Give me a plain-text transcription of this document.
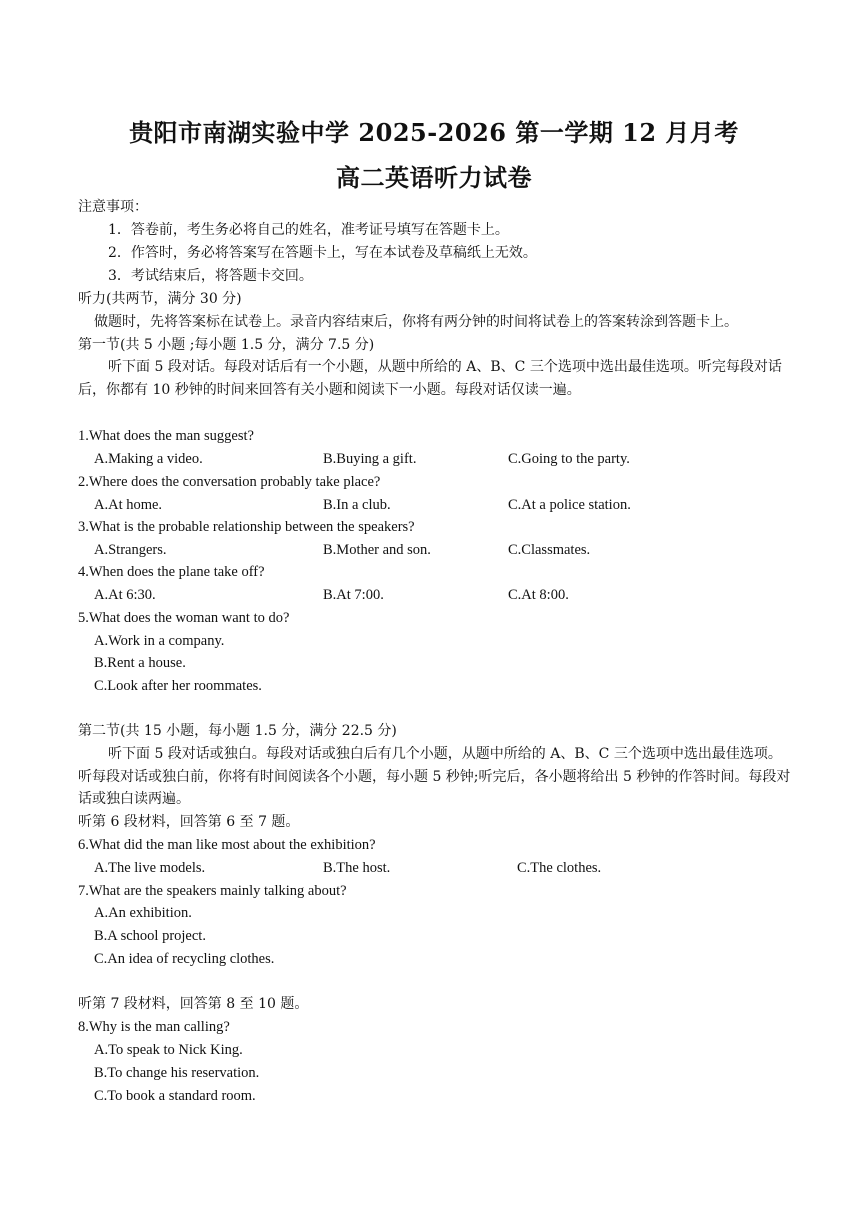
贵阳市南湖实验中学 2025-2026 第一学期 12 月月考
高二英语听力试卷
注意事项：
1．答卷前，考生务必将自己的姓名，准考证号填写在答题卡上。
2．作答时，务必将答案写在答题卡上，写在本试卷及草稿纸上无效。
3．考试结束后，将答题卡交回。
听力(共两节，满分 30 分)
做题时，先将答案标在试卷上。录音内容结束后，你将有两分钟的时间将试卷上的答案转涂到答题卡上。
第一节(共 5 小题 ;每小题 1.5 分，满分 7.5 分)
听下面 5 段对话。每段对话后有一个小题，从题中所给的 A、B、C 三个选项中选出最佳选项。听完每段对话后，你都有 10 秒钟的时间来回答有关小题和阅读下一小题。每段对话仅读一遍。
1.What does the man suggest?
A.Making a video.	B.Buying a gift.	C.Going to the party.
2.Where does the conversation probably take place?
A.At home.	B.In a club.	C.At a police station.
3.What is the probable relationship between the speakers?
A.Strangers.	B.Mother and son.	C.Classmates.
4.When does the plane take off?
A.At 6:30.	B.At 7:00.	C.At 8:00.
5.What does the woman want to do?
A.Work in a company.
B.Rent a house.
C.Look after her roommates.
第二节(共 15 小题，每小题 1.5 分，满分 22.5 分)
听下面 5 段对话或独白。每段对话或独白后有几个小题，从题中所给的 A、B、C 三个选项中选出最佳选项。听每段对话或独白前，你将有时间阅读各个小题，每小题 5 秒钟;听完后，各小题将给出 5 秒钟的作答时间。每段对话或独白读两遍。
听第 6 段材料，回答第 6 至 7 题。
6.What did the man like most about the exhibition?
A.The live models.	B.The host.	C.The clothes.
7.What are the speakers mainly talking about?
A.An exhibition.
B.A school project.
C.An idea of recycling clothes.
听第 7 段材料，回答第 8 至 10 题。
8.Why is the man calling?
A.To speak to Nick King.
B.To change his reservation.
C.To book a standard room.
